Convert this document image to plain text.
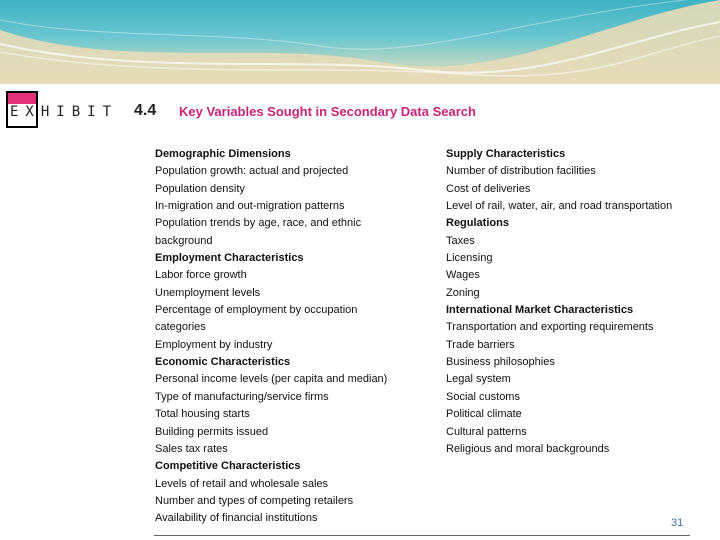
EXHIBIT 4.4 Key Variables Sought in Secondary Data Search
Demographic Dimensions
Population growth: actual and projected
Population density
In-migration and out-migration patterns
Population trends by age, race, and ethnic
background
Employment Characteristics
Labor force growth
Unemployment levels
Percentage of employment by occupation
categories
Employment by industry
Economic Characteristics
Personal income levels (per capita and median)
Type of manufacturing/service firms
Total housing starts
Building permits issued
Sales tax rates
Competitive Characteristics
Levels of retail and wholesale sales
Number and types of competing retailers
Availability of financial institutions
Supply Characteristics
Number of distribution facilities
Cost of deliveries
Level of rail, water, air, and road transportation
Regulations
Taxes
Licensing
Wages
Zoning
International Market Characteristics
Transportation and exporting requirements
Trade barriers
Business philosophies
Legal system
Social customs
Political climate
Cultural patterns
Religious and moral backgrounds
31
